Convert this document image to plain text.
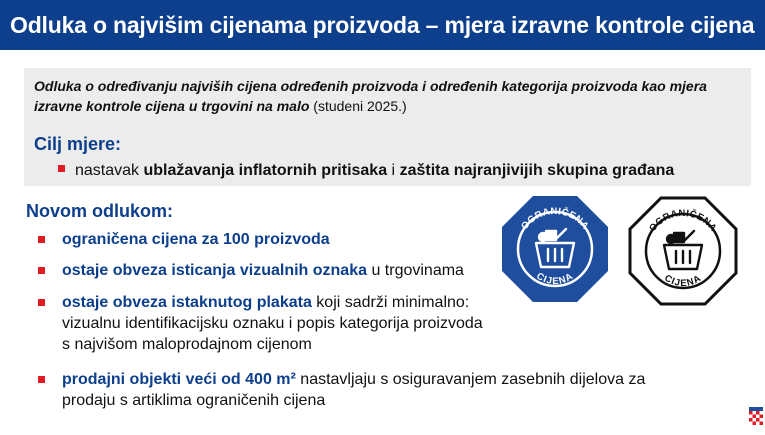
Odluka o najvišim cijenama proizvoda – mjera izravne kontrole cijena
Odluka o određivanju najviših cijena određenih proizvoda i određenih kategorija proizvoda kao mjera
izravne kontrole cijena u trgovini na malo (studeni 2025.)
Cilj mjere:
nastavak ublažavanja inflatornih pritisaka i zaštita najranjivijih skupina građana
Novom odlukom:
ograničena cijena za 100 proizvoda
ostaje obveza isticanja vizualnih oznaka u trgovinama
ostaje obveza istaknutog plakata koji sadrži minimalno:
vizualnu identifikacijsku oznaku i popis kategorija proizvoda
s najvišom maloprodajnom cijenom
prodajni objekti veći od 400 m² nastavljaju s osiguravanjem zasebnih dijelova za
prodaju s artiklima ograničenih cijena
OGRANIČENA
CIJENA
OGRANIČENA
CIJENA
